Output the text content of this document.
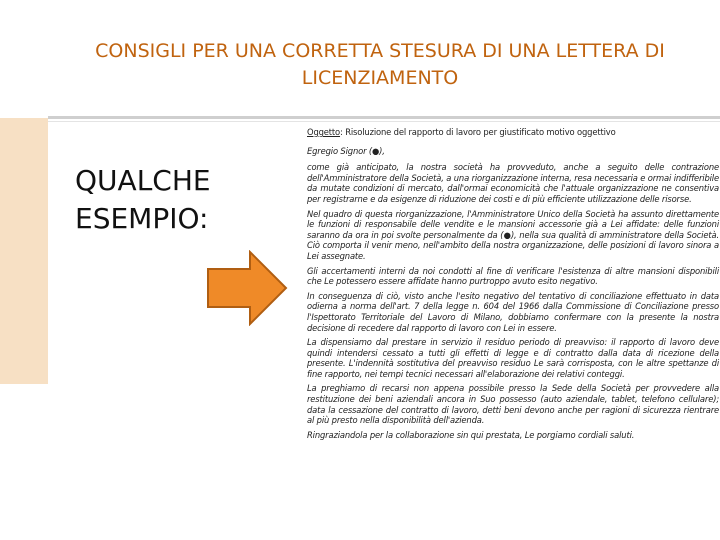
CONSIGLI PER UNA CORRETTA STESURA DI UNA LETTERA DI
LICENZIAMENTO
QUALCHE
ESEMPIO:

Oggetto: Risoluzione del rapporto di lavoro per giustificato motivo oggettivo

Egregio Signor (●),

come già anticipato, la nostra società ha provveduto, anche a seguito delle contrazione dell'Amministratore della Società, a una riorganizzazione interna, resa necessaria e ormai indifferibile da mutate condizioni di mercato, dall'ormai economicità che l'attuale organizzazione ne consentiva per registrarne e da esigenze di riduzione dei costi e di più efficiente utilizzazione delle risorse.

Nel quadro di questa riorganizzazione, l'Amministratore Unico della Società ha assunto direttamente le funzioni di responsabile delle vendite e le mansioni accessorie già a Lei affidate: delle funzioni saranno da ora in poi svolte personalmente da (●), nella sua qualità di amministratore della Società. Ciò comporta il venir meno, nell'ambito della nostra organizzazione, delle posizioni di lavoro sinora a Lei assegnate.

Gli accertamenti interni da noi condotti al fine di verificare l'esistenza di altre mansioni disponibili che Le potessero essere affidate hanno purtroppo avuto esito negativo.

In conseguenza di ciò, visto anche l'esito negativo del tentativo di conciliazione effettuato in data odierna a norma dell'art. 7 della legge n. 604 del 1966 dalla Commissione di Conciliazione presso l'Ispettorato Territoriale del Lavoro di Milano, dobbiamo confermare con la presente la nostra decisione di recedere dal rapporto di lavoro con Lei in essere.

La dispensiamo dal prestare in servizio il residuo periodo di preavviso: il rapporto di lavoro deve quindi intendersi cessato a tutti gli effetti di legge e di contratto dalla data di ricezione della presente. L'indennità sostitutiva del preavviso residuo Le sarà corrisposta, con le altre spettanze di fine rapporto, nei tempi tecnici necessari all'elaborazione dei relativi conteggi.

La preghiamo di recarsi non appena possibile presso la Sede della Società per provvedere alla restituzione dei beni aziendali ancora in Suo possesso (auto aziendale, tablet, telefono cellulare); data la cessazione del contratto di lavoro, detti beni devono anche per ragioni di sicurezza rientrare al più presto nella disponibilità dell'azienda.

Ringraziandola per la collaborazione sin qui prestata, Le porgiamo cordiali saluti.
